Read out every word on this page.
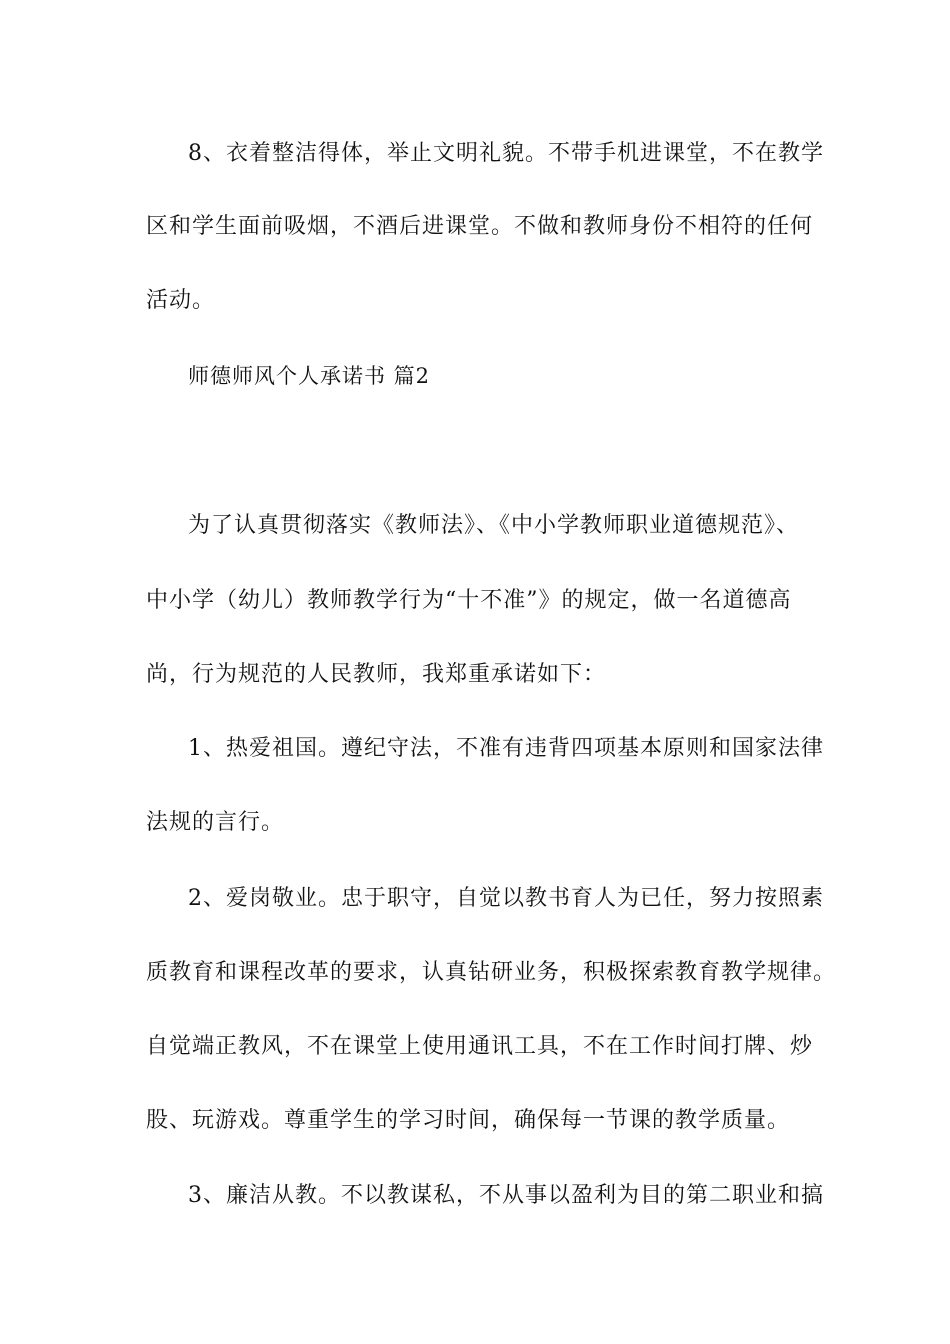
8、衣着整洁得体，举止文明礼貌。不带手机进课堂，不在教学
区和学生面前吸烟，不酒后进课堂。不做和教师身份不相符的任何
活动。
师德师风个人承诺书 篇2
为了认真贯彻落实《教师法》、《中小学教师职业道德规范》、
中小学（幼儿）教师教学行为“十不准”》的规定，做一名道德高
尚，行为规范的人民教师，我郑重承诺如下：
1、热爱祖国。遵纪守法，不准有违背四项基本原则和国家法律
法规的言行。
2、爱岗敬业。忠于职守，自觉以教书育人为已任，努力按照素
质教育和课程改革的要求，认真钻研业务，积极探索教育教学规律。
自觉端正教风，不在课堂上使用通讯工具，不在工作时间打牌、炒
股、玩游戏。尊重学生的学习时间，确保每一节课的教学质量。
3、廉洁从教。不以教谋私，不从事以盈利为目的第二职业和搞
